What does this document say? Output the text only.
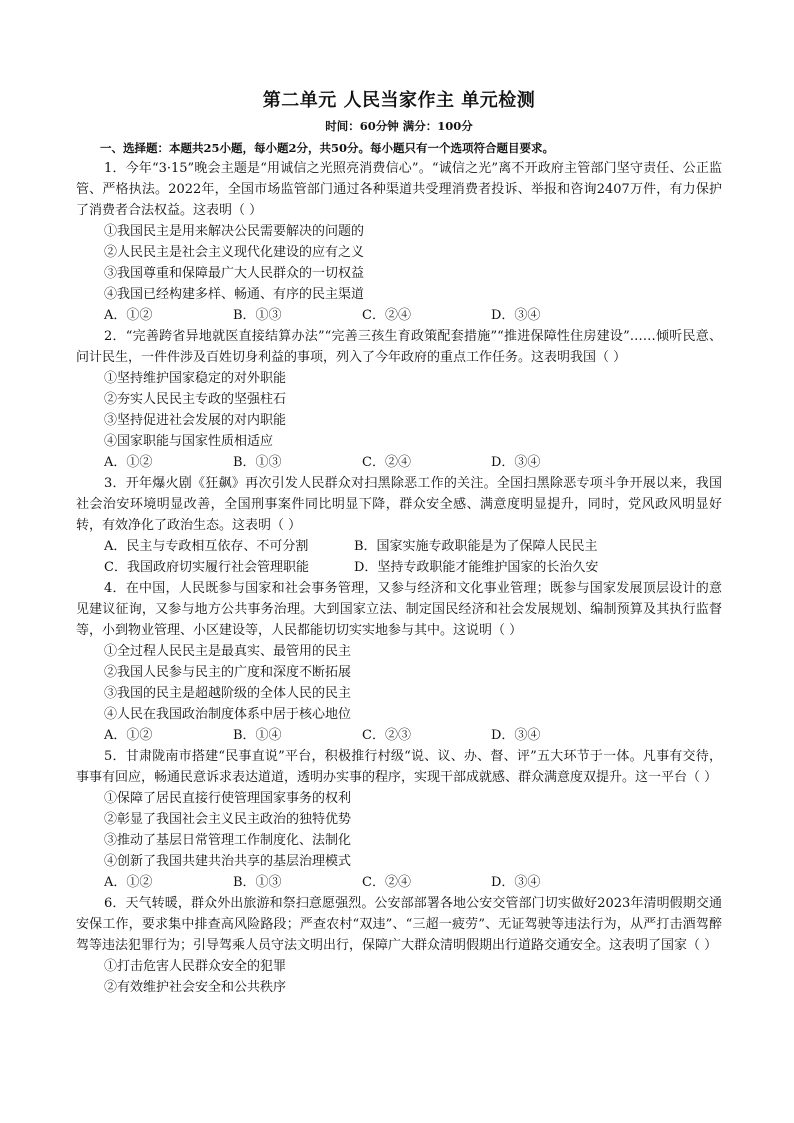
第二单元 人民当家作主 单元检测
时间：60分钟 满分：100分
一、选择题：本题共25小题，每小题2分，共50分。每小题只有一个选项符合题目要求。

1．今年“3·15”晚会主题是“用诚信之光照亮消费信心”。“诚信之光”离不开政府主管部门坚守责任、公正监管、严格执法。2022年，全国市场监管部门通过各种渠道共受理消费者投诉、举报和咨询2407万件，有力保护了消费者合法权益。这表明（ ）

①我国民主是用来解决公民需要解决的问题的

②人民民主是社会主义现代化建设的应有之义

③我国尊重和保障最广大人民群众的一切权益

④我国已经构建多样、畅通、有序的民主渠道

A．①②	B．①③	C．②④	D．③④

2．“完善跨省异地就医直接结算办法”“完善三孩生育政策配套措施”“推进保障性住房建设”……倾听民意、问计民生，一件件涉及百姓切身利益的事项，列入了今年政府的重点工作任务。这表明我国（ ）

①坚持维护国家稳定的对外职能

②夯实人民民主专政的坚强柱石

③坚持促进社会发展的对内职能

④国家职能与国家性质相适应

A．①②	B．①③	C．②④	D．③④

3．开年爆火剧《狂飙》再次引发人民群众对扫黑除恶工作的关注。全国扫黑除恶专项斗争开展以来，我国社会治安环境明显改善，全国刑事案件同比明显下降，群众安全感、满意度明显提升，同时，党风政风明显好转，有效净化了政治生态。这表明（ ）

A．民主与专政相互依存、不可分割	B．国家实施专政职能是为了保障人民民主
C．我国政府切实履行社会管理职能	D．坚持专政职能才能维护国家的长治久安

4．在中国，人民既参与国家和社会事务管理，又参与经济和文化事业管理；既参与国家发展顶层设计的意见建议征询，又参与地方公共事务治理。大到国家立法、制定国民经济和社会发展规划、编制预算及其执行监督等，小到物业管理、小区建设等，人民都能切切实实地参与其中。这说明（ ）

①全过程人民民主是最真实、最管用的民主

②我国人民参与民主的广度和深度不断拓展

③我国的民主是超越阶级的全体人民的民主

④人民在我国政治制度体系中居于核心地位

A．①②	B．①④	C．②③	D．③④

5．甘肃陇南市搭建“民事直说”平台，积极推行村级“说、议、办、督、评”五大环节于一体。凡事有交待，事事有回应，畅通民意诉求表达道道，透明办实事的程序，实现干部成就感、群众满意度双提升。这一平台（ ）

①保障了居民直接行使管理国家事务的权利

②彰显了我国社会主义民主政治的独特优势

③推动了基层日常管理工作制度化、法制化

④创新了我国共建共治共享的基层治理模式

A．①②	B．①③	C．②④	D．③④

6．天气转暖，群众外出旅游和祭扫意愿强烈。公安部部署各地公安交管部门切实做好2023年清明假期交通安保工作，要求集中排查高风险路段；严查农村“双违”、“三超一疲劳”、无证驾驶等违法行为，从严打击酒驾醉驾等违法犯罪行为；引导驾乘人员守法文明出行，保障广大群众清明假期出行道路交通安全。这表明了国家（ ）

①打击危害人民群众安全的犯罪

②有效维护社会安全和公共秩序
